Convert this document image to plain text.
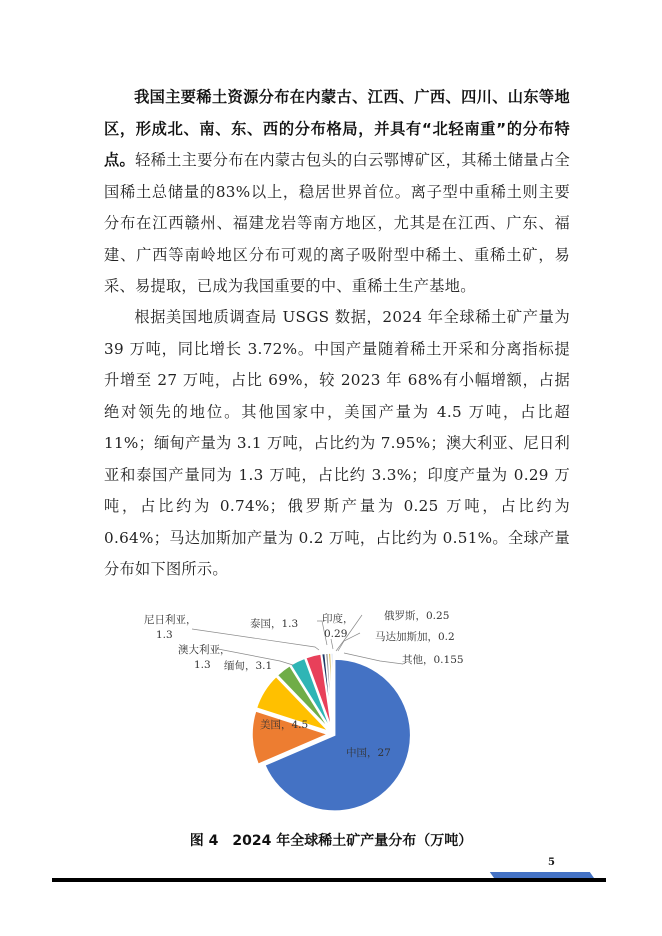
我国主要稀土资源分布在内蒙古、江西、广西、四川、山东等地区，形成北、南、东、西的分布格局，并具有“北轻南重”的分布特点。轻稀土主要分布在内蒙古包头的白云鄂博矿区，其稀土储量占全国稀土总储量的83%以上，稳居世界首位。离子型中重稀土则主要分布在江西赣州、福建龙岩等南方地区，尤其是在江西、广东、福建、广西等南岭地区分布可观的离子吸附型中稀土、重稀土矿，易采、易提取，已成为我国重要的中、重稀土生产基地。
根据美国地质调查局 USGS 数据，2024 年全球稀土矿产量为 39 万吨，同比增长 3.72%。中国产量随着稀土开采和分离指标提升增至 27 万吨，占比 69%，较 2023 年 68%有小幅增额，占据绝对领先的地位。其他国家中，美国产量为 4.5 万吨，占比超 11%；缅甸产量为 3.1 万吨，占比约为 7.95%；澳大利亚、尼日利亚和泰国产量同为 1.3 万吨，占比约 3.3%；印度产量为 0.29 万吨，占比约为 0.74%；俄罗斯产量为 0.25 万吨，占比约为 0.64%；马达加斯加产量为 0.2 万吨，占比约为 0.51%。全球产量分布如下图所示。
尼日利亚，
1.3
澳大利亚，
1.3 缅甸，3.1
泰国，1.3 印度，
0.29
俄罗斯，0.25
马达加斯加，0.2
其他，0.155
美国，4.5
中国，27
图 4　2024 年全球稀土矿产量分布（万吨）
5
